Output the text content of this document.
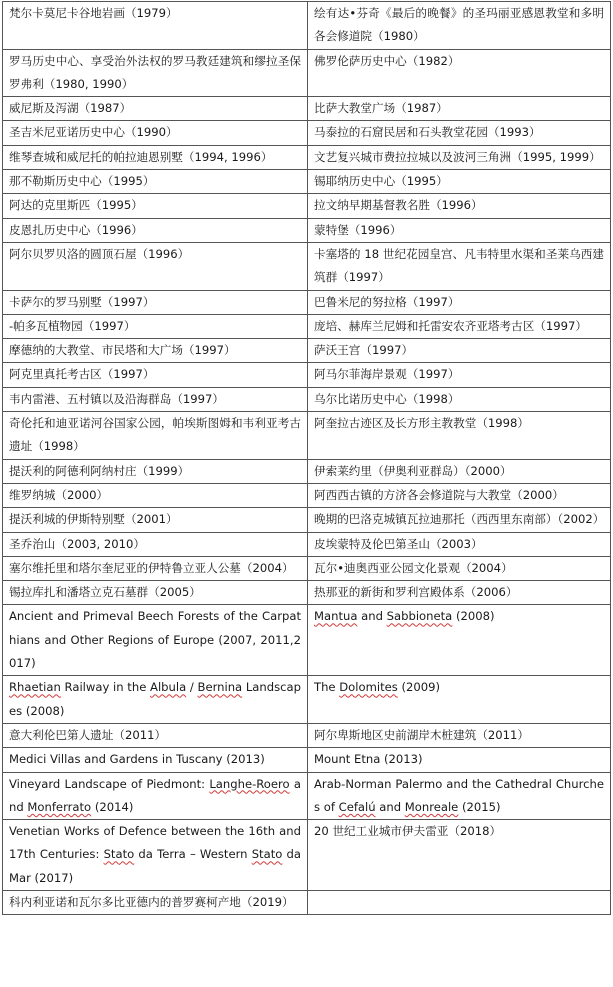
梵尔卡莫尼卡谷地岩画（1979）	绘有达•芬奇《最后的晚餐》的圣玛丽亚感恩教堂和多明各会修道院（1980）
罗马历史中心、享受治外法权的罗马教廷建筑和缪拉圣保罗弗利（1980, 1990）	佛罗伦萨历史中心（1982）
威尼斯及泻湖（1987）	比萨大教堂广场（1987）
圣吉米尼亚诺历史中心（1990）	马泰拉的石窟民居和石头教堂花园（1993）
维琴查城和威尼托的帕拉迪恩别墅（1994, 1996）	文艺复兴城市费拉拉城以及波河三角洲（1995, 1999）
那不勒斯历史中心（1995）	锡耶纳历史中心（1995）
阿达的克里斯匹（1995）	拉文纳早期基督教名胜（1996）
皮恩扎历史中心（1996）	蒙特堡（1996）
阿尔贝罗贝洛的圆顶石屋（1996）	卡塞塔的 18 世纪花园皇宫、凡韦特里水渠和圣莱乌西建筑群（1997）
卡萨尔的罗马别墅（1997）	巴鲁米尼的努拉格（1997）
-帕多瓦植物园（1997）	庞培、赫库兰尼姆和托雷安农齐亚塔考古区（1997）
摩德纳的大教堂、市民塔和大广场（1997）	萨沃王宫（1997）
阿克里真托考古区（1997）	阿马尔菲海岸景观（1997）
韦内雷港、五村镇以及沿海群岛（1997）	乌尔比诺历史中心（1998）
奇伦托和迪亚诺河谷国家公园，帕埃斯图姆和韦利亚考古遗址（1998）	阿奎拉古迹区及长方形主教教堂（1998）
提沃利的阿德利阿纳村庄（1999）	伊索莱约里（伊奥利亚群岛）（2000）
维罗纳城（2000）	阿西西古镇的方济各会修道院与大教堂（2000）
提沃利城的伊斯特别墅（2001）	晚期的巴洛克城镇瓦拉迪那托（西西里东南部）（2002）
圣乔治山（2003, 2010）	皮埃蒙特及伦巴第圣山（2003）
塞尔维托里和塔尔奎尼亚的伊特鲁立亚人公墓（2004）	瓦尔•迪奥西亚公园文化景观（2004）
锡拉库扎和潘塔立克石墓群（2005）	热那亚的新街和罗利宫殿体系（2006）
Ancient and Primeval Beech Forests of the Carpathians and Other Regions of Europe (2007, 2011,2017)	Mantua and Sabbioneta (2008)
Rhaetian Railway in the Albula / Bernina Landscapes (2008)	The Dolomites (2009)
意大利伦巴第人遗址（2011）	阿尔卑斯地区史前湖岸木桩建筑（2011）
Medici Villas and Gardens in Tuscany (2013)	Mount Etna (2013)
Vineyard Landscape of Piedmont: Langhe-Roero and Monferrato (2014)	Arab-Norman Palermo and the Cathedral Churches of Cefalú and Monreale (2015)
Venetian Works of Defence between the 16th and 17th Centuries: Stato da Terra – Western Stato da Mar (2017)	20 世纪工业城市伊夫雷亚（2018）
科内利亚诺和瓦尔多比亚德内的普罗赛柯产地（2019）	
